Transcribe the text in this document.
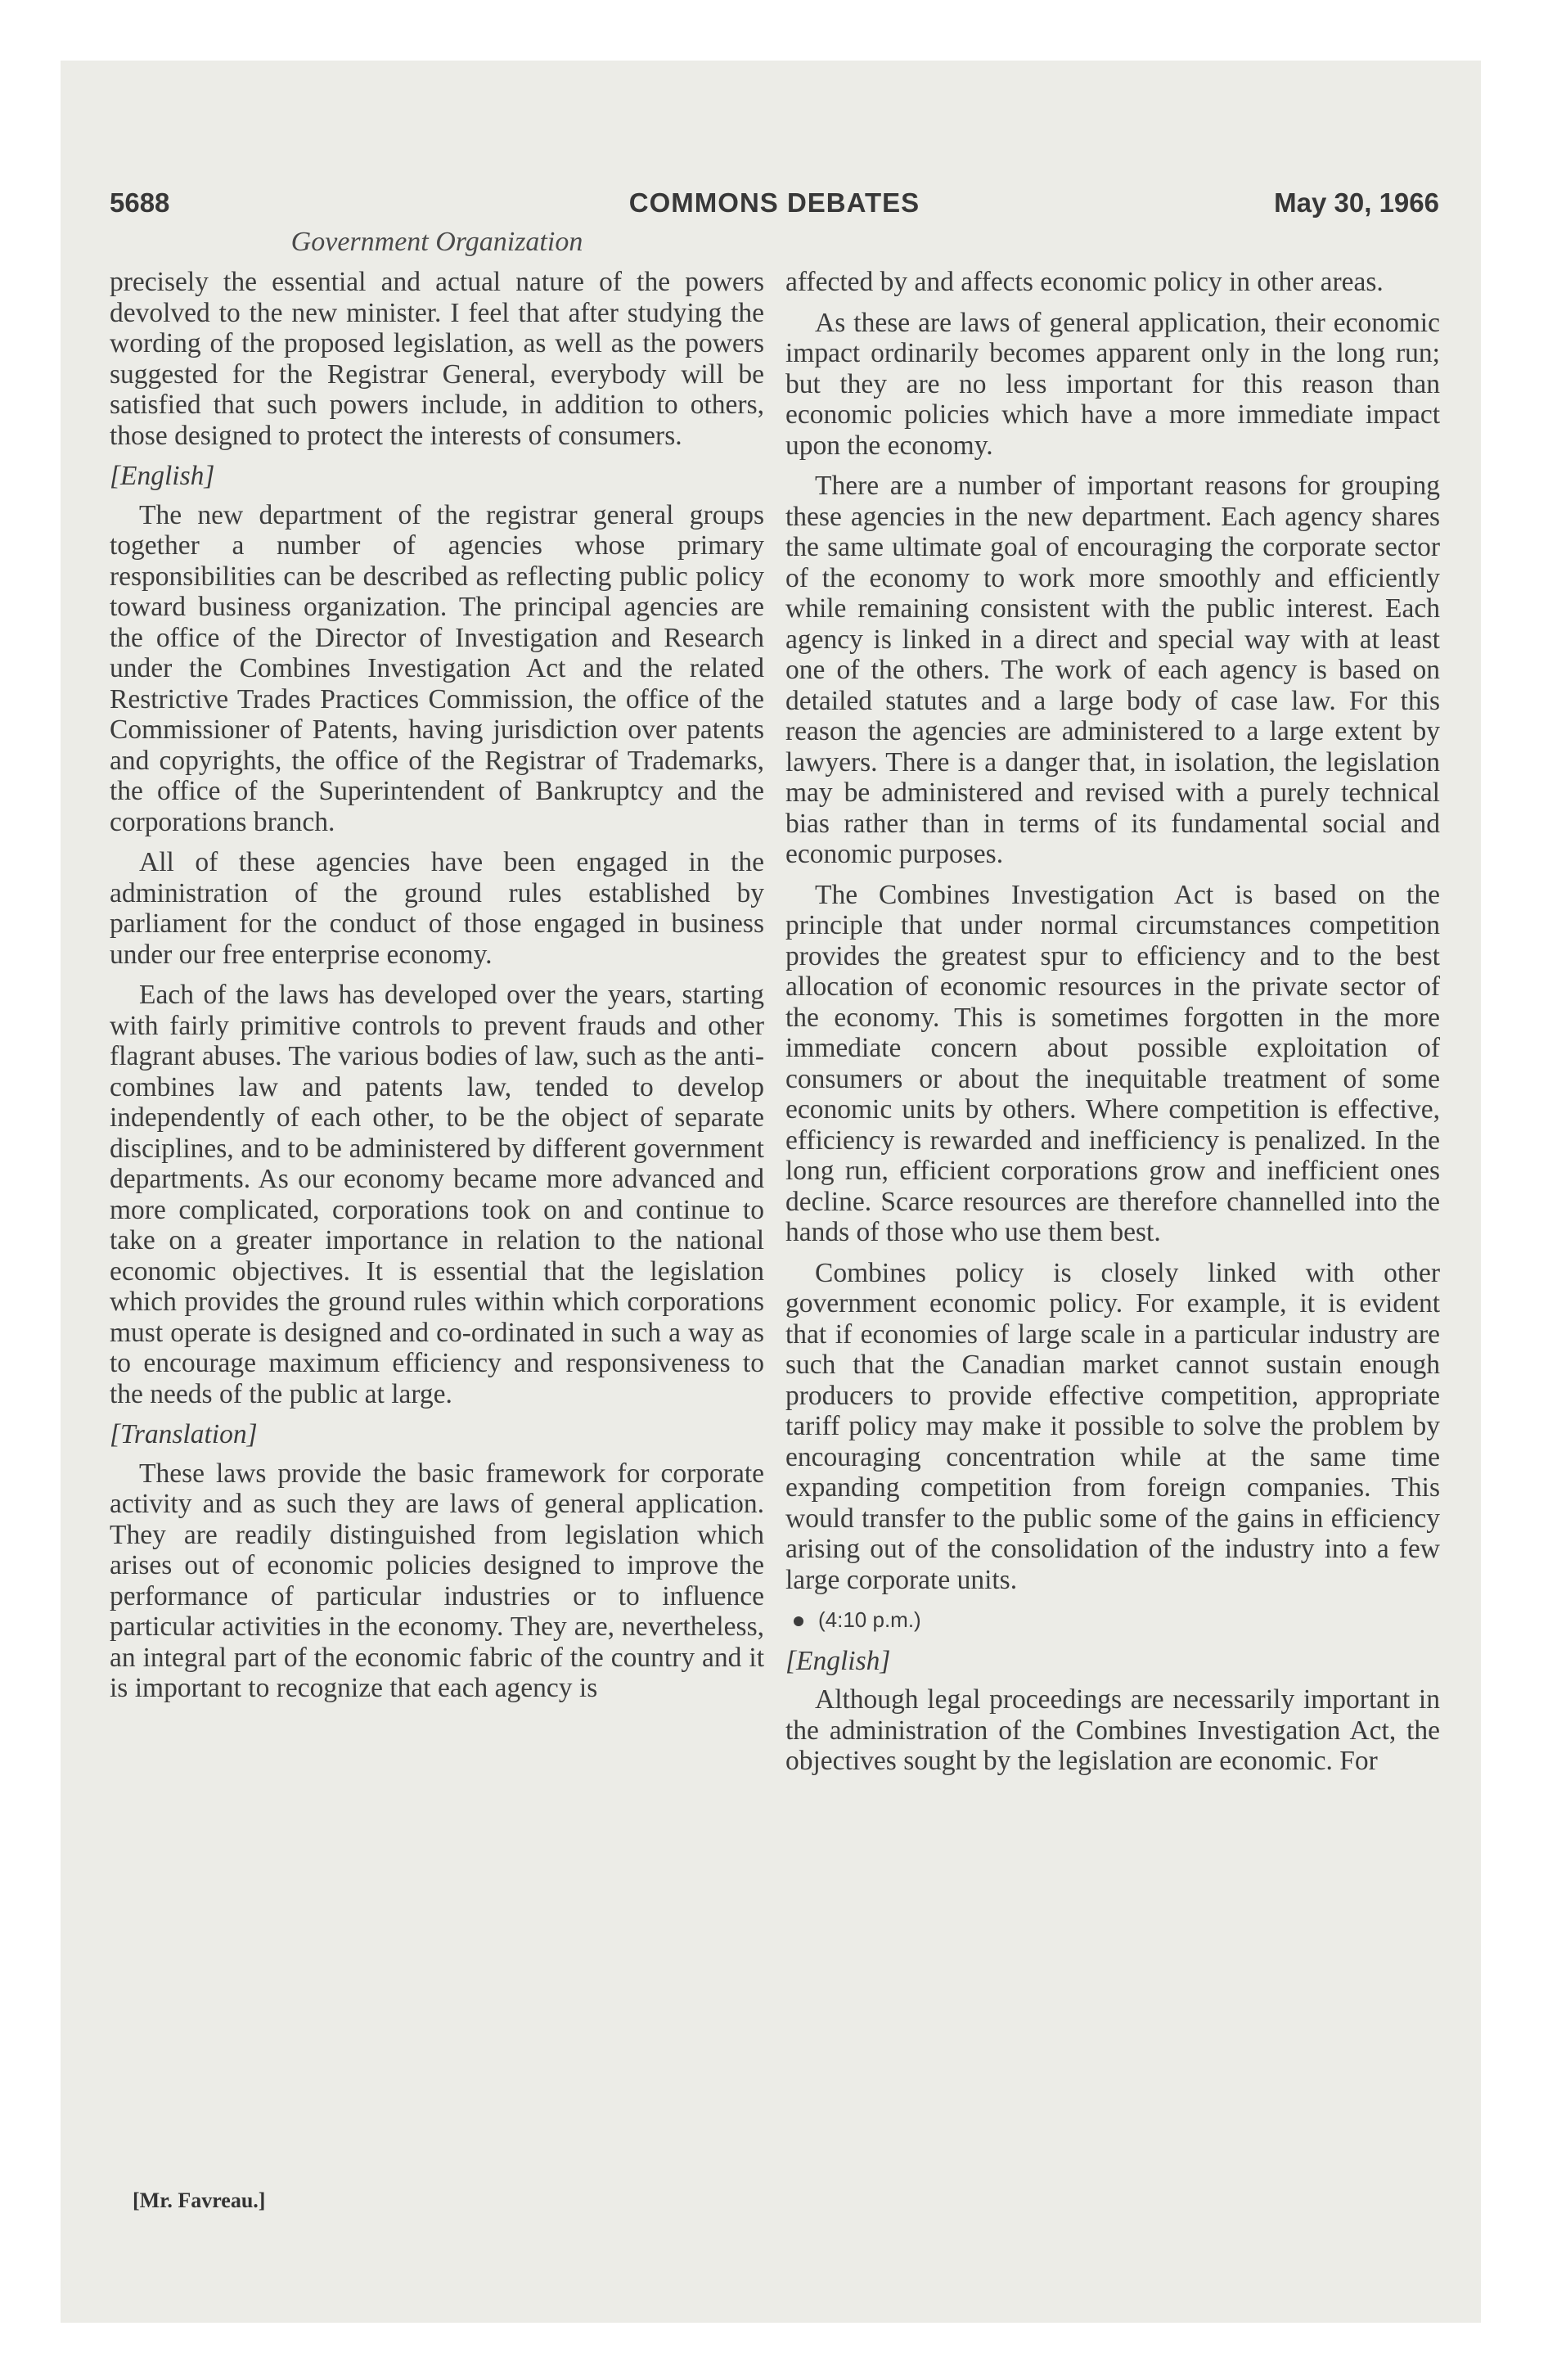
5688	COMMONS DEBATES	May 30, 1966
Government Organization

precisely the essential and actual nature of the powers devolved to the new minister. I feel that after studying the wording of the proposed legislation, as well as the powers suggested for the Registrar General, everybody will be satisfied that such powers include, in addition to others, those designed to protect the interests of consumers.

[English]

The new department of the registrar general groups together a number of agencies whose primary responsibilities can be described as reflecting public policy toward business organization. The principal agencies are the office of the Director of Investigation and Research under the Combines Investigation Act and the related Restrictive Trades Practices Commission, the office of the Commissioner of Patents, having jurisdiction over patents and copyrights, the office of the Registrar of Trademarks, the office of the Superintendent of Bankruptcy and the corporations branch.

All of these agencies have been engaged in the administration of the ground rules established by parliament for the conduct of those engaged in business under our free enterprise economy.

Each of the laws has developed over the years, starting with fairly primitive controls to prevent frauds and other flagrant abuses. The various bodies of law, such as the anti-combines law and patents law, tended to develop independently of each other, to be the object of separate disciplines, and to be administered by different government departments. As our economy became more advanced and more complicated, corporations took on and continue to take on a greater importance in relation to the national economic objectives. It is essential that the legislation which provides the ground rules within which corporations must operate is designed and co-ordinated in such a way as to encourage maximum efficiency and responsiveness to the needs of the public at large.

[Translation]

These laws provide the basic framework for corporate activity and as such they are laws of general application. They are readily distinguished from legislation which arises out of economic policies designed to improve the performance of particular industries or to influence particular activities in the economy. They are, nevertheless, an integral part of the economic fabric of the country and it is important to recognize that each agency is

affected by and affects economic policy in other areas.

As these are laws of general application, their economic impact ordinarily becomes apparent only in the long run; but they are no less important for this reason than economic policies which have a more immediate impact upon the economy.

There are a number of important reasons for grouping these agencies in the new department. Each agency shares the same ultimate goal of encouraging the corporate sector of the economy to work more smoothly and efficiently while remaining consistent with the public interest. Each agency is linked in a direct and special way with at least one of the others. The work of each agency is based on detailed statutes and a large body of case law. For this reason the agencies are administered to a large extent by lawyers. There is a danger that, in isolation, the legislation may be administered and revised with a purely technical bias rather than in terms of its fundamental social and economic purposes.

The Combines Investigation Act is based on the principle that under normal circumstances competition provides the greatest spur to efficiency and to the best allocation of economic resources in the private sector of the economy. This is sometimes forgotten in the more immediate concern about possible exploitation of consumers or about the inequitable treatment of some economic units by others. Where competition is effective, efficiency is rewarded and inefficiency is penalized. In the long run, efficient corporations grow and inefficient ones decline. Scarce resources are therefore channelled into the hands of those who use them best.

Combines policy is closely linked with other government economic policy. For example, it is evident that if economies of large scale in a particular industry are such that the Canadian market cannot sustain enough producers to provide effective competition, appropriate tariff policy may make it possible to solve the problem by encouraging concentration while at the same time expanding competition from foreign companies. This would transfer to the public some of the gains in efficiency arising out of the consolidation of the industry into a few large corporate units.

(4:10 p.m.)
[English]

Although legal proceedings are necessarily important in the administration of the Combines Investigation Act, the objectives sought by the legislation are economic. For

[Mr. Favreau.]
